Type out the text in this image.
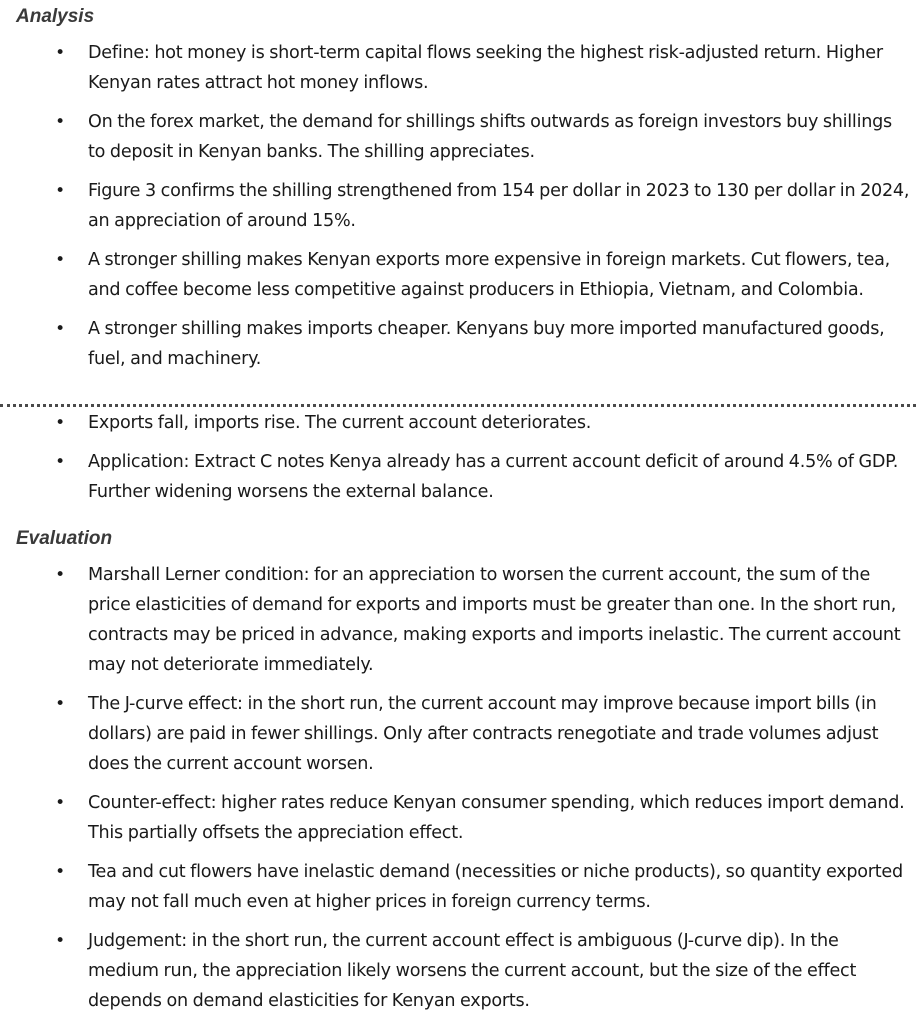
Analysis
• Define: hot money is short-term capital flows seeking the highest risk-adjusted return. Higher Kenyan rates attract hot money inflows.
• On the forex market, the demand for shillings shifts outwards as foreign investors buy shillings to deposit in Kenyan banks. The shilling appreciates.
• Figure 3 confirms the shilling strengthened from 154 per dollar in 2023 to 130 per dollar in 2024, an appreciation of around 15%.
• A stronger shilling makes Kenyan exports more expensive in foreign markets. Cut flowers, tea, and coffee become less competitive against producers in Ethiopia, Vietnam, and Colombia.
• A stronger shilling makes imports cheaper. Kenyans buy more imported manufactured goods, fuel, and machinery.
• Exports fall, imports rise. The current account deteriorates.
• Application: Extract C notes Kenya already has a current account deficit of around 4.5% of GDP. Further widening worsens the external balance.
Evaluation
• Marshall Lerner condition: for an appreciation to worsen the current account, the sum of the price elasticities of demand for exports and imports must be greater than one. In the short run, contracts may be priced in advance, making exports and imports inelastic. The current account may not deteriorate immediately.
• The J-curve effect: in the short run, the current account may improve because import bills (in dollars) are paid in fewer shillings. Only after contracts renegotiate and trade volumes adjust does the current account worsen.
• Counter-effect: higher rates reduce Kenyan consumer spending, which reduces import demand. This partially offsets the appreciation effect.
• Tea and cut flowers have inelastic demand (necessities or niche products), so quantity exported may not fall much even at higher prices in foreign currency terms.
• Judgement: in the short run, the current account effect is ambiguous (J-curve dip). In the medium run, the appreciation likely worsens the current account, but the size of the effect depends on demand elasticities for Kenyan exports.
